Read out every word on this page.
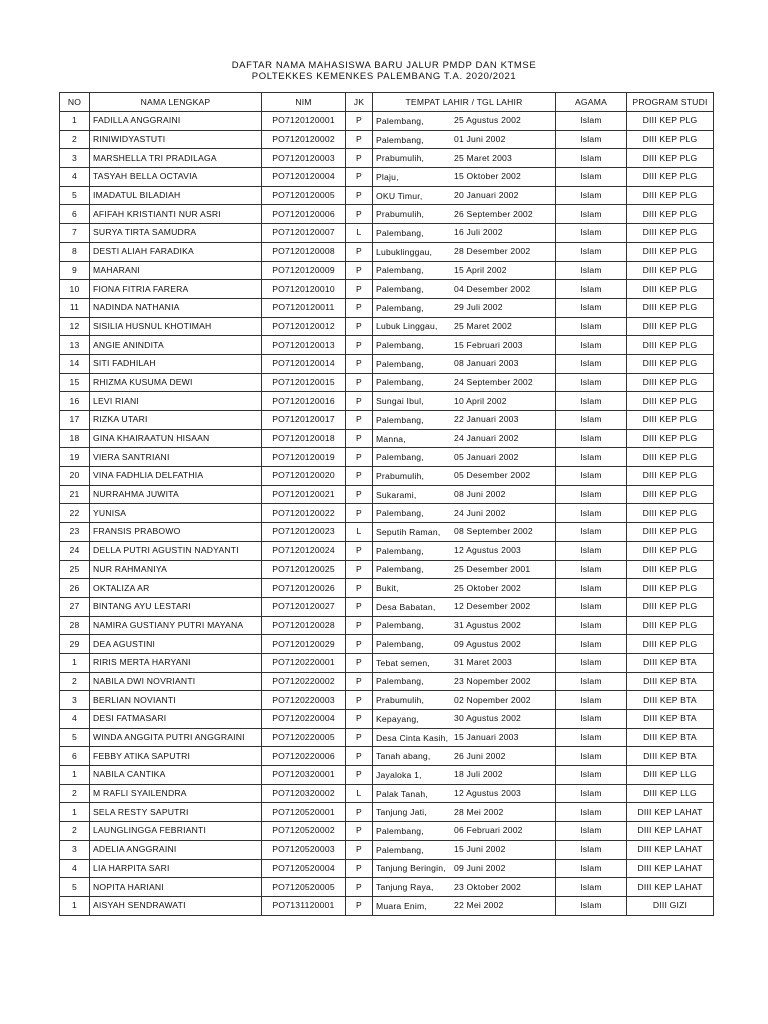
DAFTAR NAMA MAHASISWA BARU JALUR PMDP DAN KTMSE
POLTEKKES KEMENKES PALEMBANG T.A. 2020/2021
NO	NAMA LENGKAP	NIM	JK	TEMPAT LAHIR / TGL LAHIR	AGAMA	PROGRAM STUDI
1	FADILLA ANGGRAINI	PO7120120001	P	Palembang, 25 Agustus 2002	Islam	DIII KEP PLG
2	RINIWIDYASTUTI	PO7120120002	P	Palembang, 01 Juni 2002	Islam	DIII KEP PLG
3	MARSHELLA TRI PRADILAGA	PO7120120003	P	Prabumulih, 25 Maret 2003	Islam	DIII KEP PLG
4	TASYAH BELLA OCTAVIA	PO7120120004	P	Plaju, 15 Oktober 2002	Islam	DIII KEP PLG
5	IMADATUL BILADIAH	PO7120120005	P	OKU Timur, 20 Januari 2002	Islam	DIII KEP PLG
6	AFIFAH KRISTIANTI NUR ASRI	PO7120120006	P	Prabumulih, 26 September 2002	Islam	DIII KEP PLG
7	SURYA TIRTA SAMUDRA	PO7120120007	L	Palembang, 16 Juli 2002	Islam	DIII KEP PLG
8	DESTI ALIAH FARADIKA	PO7120120008	P	Lubuklinggau, 28 Desember 2002	Islam	DIII KEP PLG
9	MAHARANI	PO7120120009	P	Palembang, 15 April 2002	Islam	DIII KEP PLG
10	FIONA FITRIA FARERA	PO7120120010	P	Palembang, 04 Desember 2002	Islam	DIII KEP PLG
11	NADINDA NATHANIA	PO7120120011	P	Palembang, 29 Juli 2002	Islam	DIII KEP PLG
12	SISILIA HUSNUL KHOTIMAH	PO7120120012	P	Lubuk Linggau, 25 Maret 2002	Islam	DIII KEP PLG
13	ANGIE ANINDITA	PO7120120013	P	Palembang, 15 Februari 2003	Islam	DIII KEP PLG
14	SITI FADHILAH	PO7120120014	P	Palembang, 08 Januari 2003	Islam	DIII KEP PLG
15	RHIZMA KUSUMA DEWI	PO7120120015	P	Palembang, 24 September 2002	Islam	DIII KEP PLG
16	LEVI RIANI	PO7120120016	P	Sungai Ibul, 10 April 2002	Islam	DIII KEP PLG
17	RIZKA UTARI	PO7120120017	P	Palembang, 22 Januari 2003	Islam	DIII KEP PLG
18	GINA KHAIRAATUN HISAAN	PO7120120018	P	Manna, 24 Januari 2002	Islam	DIII KEP PLG
19	VIERA SANTRIANI	PO7120120019	P	Palembang, 05 Januari 2002	Islam	DIII KEP PLG
20	VINA FADHLIA DELFATHIA	PO7120120020	P	Prabumulih, 05 Desember 2002	Islam	DIII KEP PLG
21	NURRAHMA JUWITA	PO7120120021	P	Sukarami, 08 Juni 2002	Islam	DIII KEP PLG
22	YUNISA	PO7120120022	P	Palembang, 24 Juni 2002	Islam	DIII KEP PLG
23	FRANSIS PRABOWO	PO7120120023	L	Seputih Raman, 08 September 2002	Islam	DIII KEP PLG
24	DELLA PUTRI AGUSTIN NADYANTI	PO7120120024	P	Palembang, 12 Agustus 2003	Islam	DIII KEP PLG
25	NUR RAHMANIYA	PO7120120025	P	Palembang, 25 Desember 2001	Islam	DIII KEP PLG
26	OKTALIZA AR	PO7120120026	P	Bukit, 25 Oktober 2002	Islam	DIII KEP PLG
27	BINTANG AYU LESTARI	PO7120120027	P	Desa Babatan, 12 Desember 2002	Islam	DIII KEP PLG
28	NAMIRA GUSTIANY PUTRI MAYANA	PO7120120028	P	Palembang, 31 Agustus 2002	Islam	DIII KEP PLG
29	DEA AGUSTINI	PO7120120029	P	Palembang, 09 Agustus 2002	Islam	DIII KEP PLG
1	RIRIS MERTA HARYANI	PO7120220001	P	Tebat semen, 31 Maret 2003	Islam	DIII KEP BTA
2	NABILA DWI NOVRIANTI	PO7120220002	P	Palembang, 23 Nopember 2002	Islam	DIII KEP BTA
3	BERLIAN NOVIANTI	PO7120220003	P	Prabumulih, 02 Nopember 2002	Islam	DIII KEP BTA
4	DESI FATMASARI	PO7120220004	P	Kepayang, 30 Agustus 2002	Islam	DIII KEP BTA
5	WINDA ANGGITA PUTRI ANGGRAINI	PO7120220005	P	Desa Cinta Kasih, 15 Januari 2003	Islam	DIII KEP BTA
6	FEBBY ATIKA SAPUTRI	PO7120220006	P	Tanah abang, 26 Juni 2002	Islam	DIII KEP BTA
1	NABILA CANTIKA	PO7120320001	P	Jayaloka 1, 18 Juli 2002	Islam	DIII KEP LLG
2	M RAFLI SYAILENDRA	PO7120320002	L	Palak Tanah, 12 Agustus 2003	Islam	DIII KEP LLG
1	SELA RESTY SAPUTRI	PO7120520001	P	Tanjung Jati, 28 Mei 2002	Islam	DIII KEP LAHAT
2	LAUNGLINGGA FEBRIANTI	PO7120520002	P	Palembang, 06 Februari 2002	Islam	DIII KEP LAHAT
3	ADELIA ANGGRAINI	PO7120520003	P	Palembang, 15 Juni 2002	Islam	DIII KEP LAHAT
4	LIA HARPITA SARI	PO7120520004	P	Tanjung Beringin, 09 Juni 2002	Islam	DIII KEP LAHAT
5	NOPITA HARIANI	PO7120520005	P	Tanjung Raya, 23 Oktober 2002	Islam	DIII KEP LAHAT
1	AISYAH SENDRAWATI	PO7131120001	P	Muara Enim, 22 Mei 2002	Islam	DIII GIZI
